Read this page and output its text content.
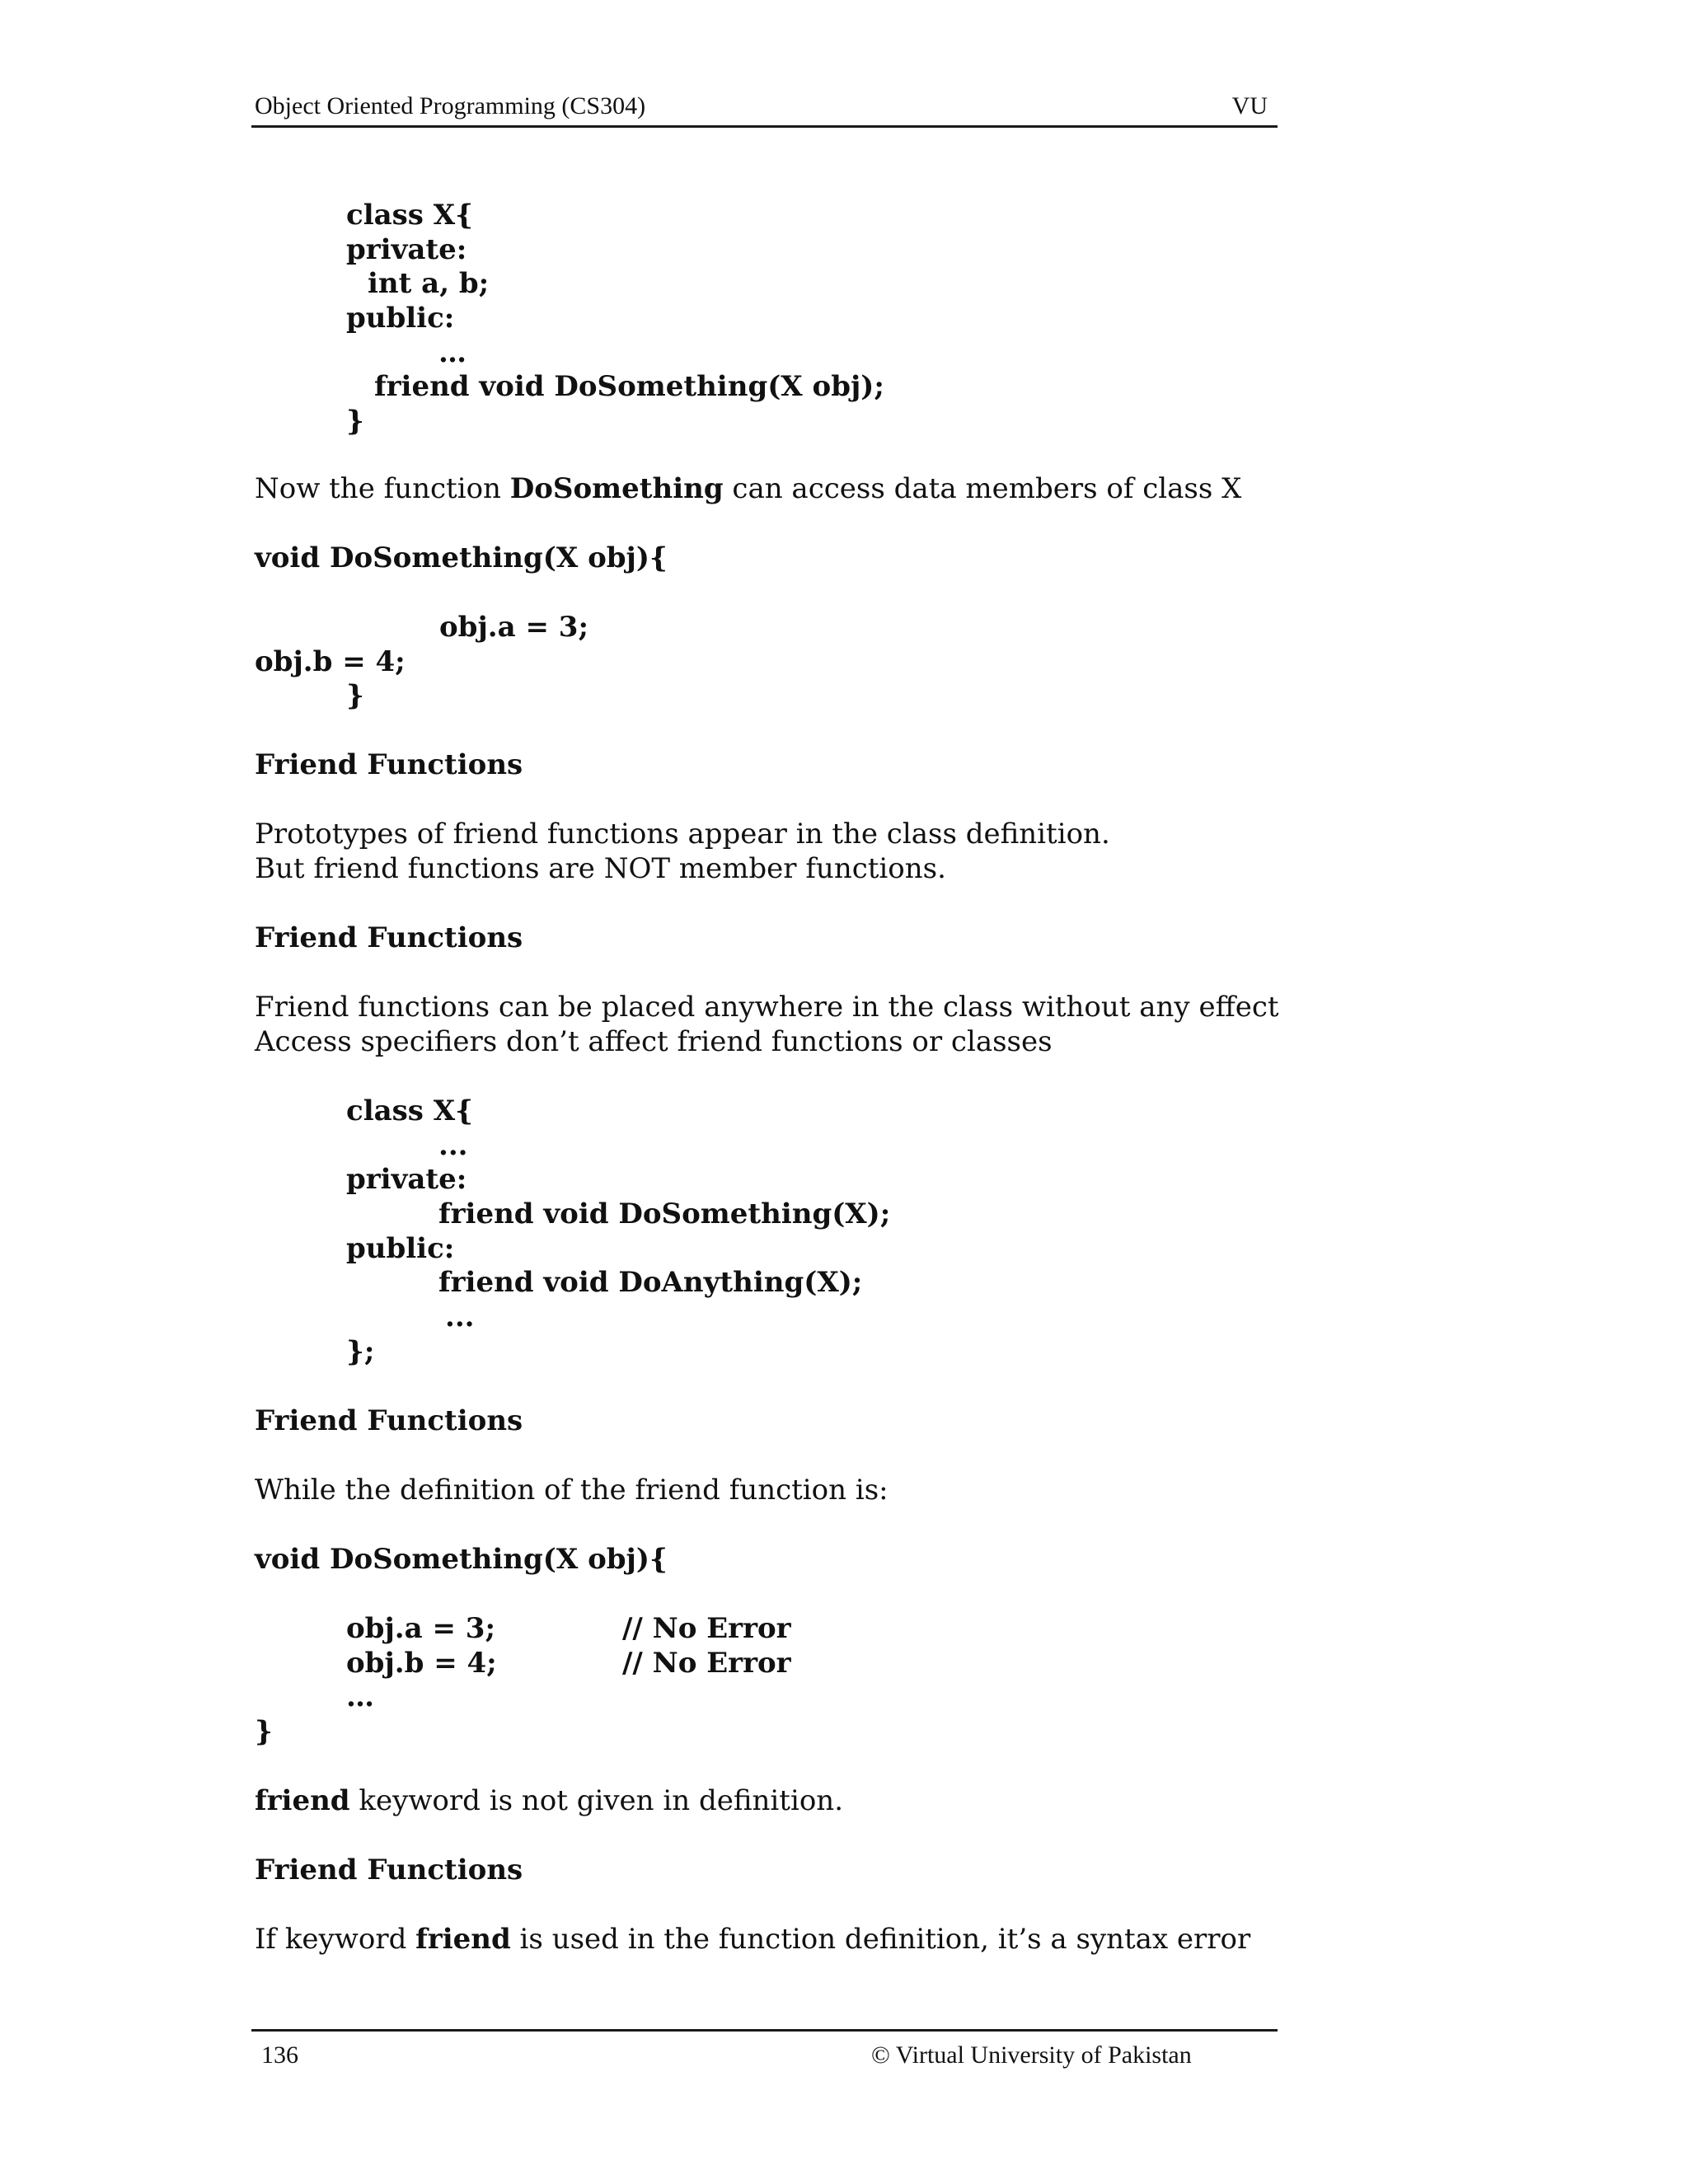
Object Oriented Programming (CS304)	VU
class X{
private:
int a, b;
public:
…
friend void DoSomething(X obj);
}
Now the function DoSomething can access data members of class X
void DoSomething(X obj){
obj.a = 3;
obj.b = 4;
}
Friend Functions
Prototypes of friend functions appear in the class definition.
But friend functions are NOT member functions.
Friend Functions
Friend functions can be placed anywhere in the class without any effect
Access specifiers don’t affect friend functions or classes
class X{
...
private:
friend void DoSomething(X);
public:
friend void DoAnything(X);
...
};
Friend Functions
While the definition of the friend function is:
void DoSomething(X obj){
obj.a = 3;	// No Error
obj.b = 4;	// No Error
…
}
friend keyword is not given in definition.
Friend Functions
If keyword friend is used in the function definition, it’s a syntax error
136	© Virtual University of Pakistan
